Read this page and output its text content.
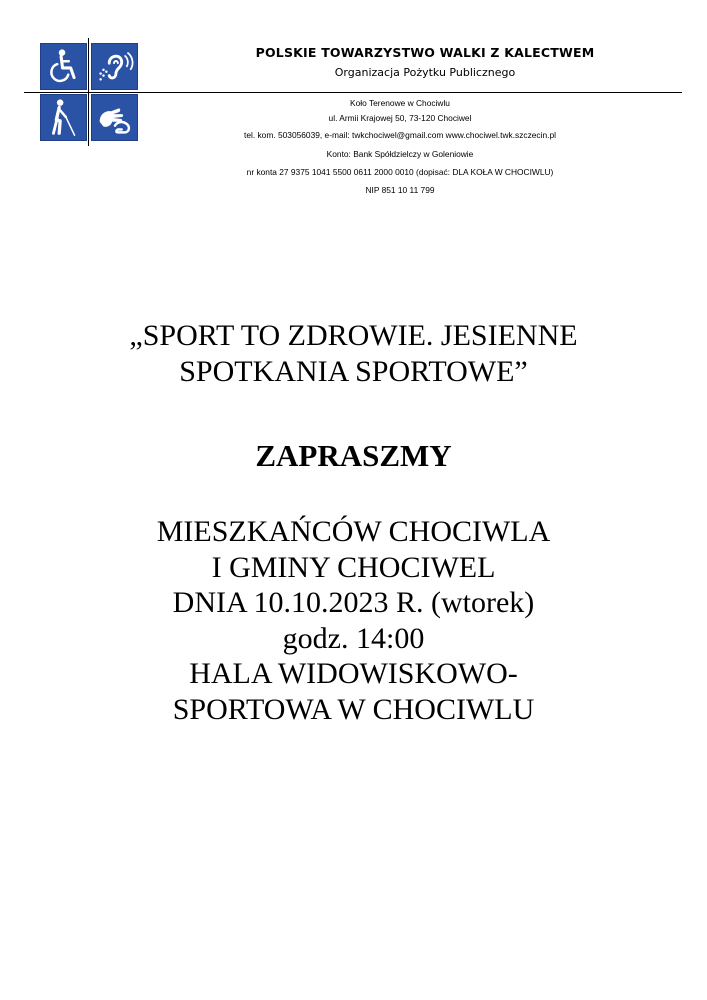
POLSKIE TOWARZYSTWO WALKI Z KALECTWEM
Organizacja Pożytku Publicznego
Koło Terenowe w Chociwlu
ul. Armii Krajowej 50, 73-120 Chociwel
tel. kom. 503056039, e-mail: twkchociwel@gmail.com www.chociwel.twk.szczecin.pl
Konto: Bank Spółdzielczy w Goleniowie
nr konta 27 9375 1041 5500 0611 2000 0010 (dopisać: DLA KOŁA W CHOCIWLU)
NIP 851 10 11 799
„SPORT TO ZDROWIE. JESIENNE
SPOTKANIA SPORTOWE”
ZAPRASZMY
MIESZKAŃCÓW CHOCIWLA
I GMINY CHOCIWEL
DNIA 10.10.2023 R. (wtorek)
godz. 14:00
HALA WIDOWISKOWO-
SPORTOWA W CHOCIWLU
